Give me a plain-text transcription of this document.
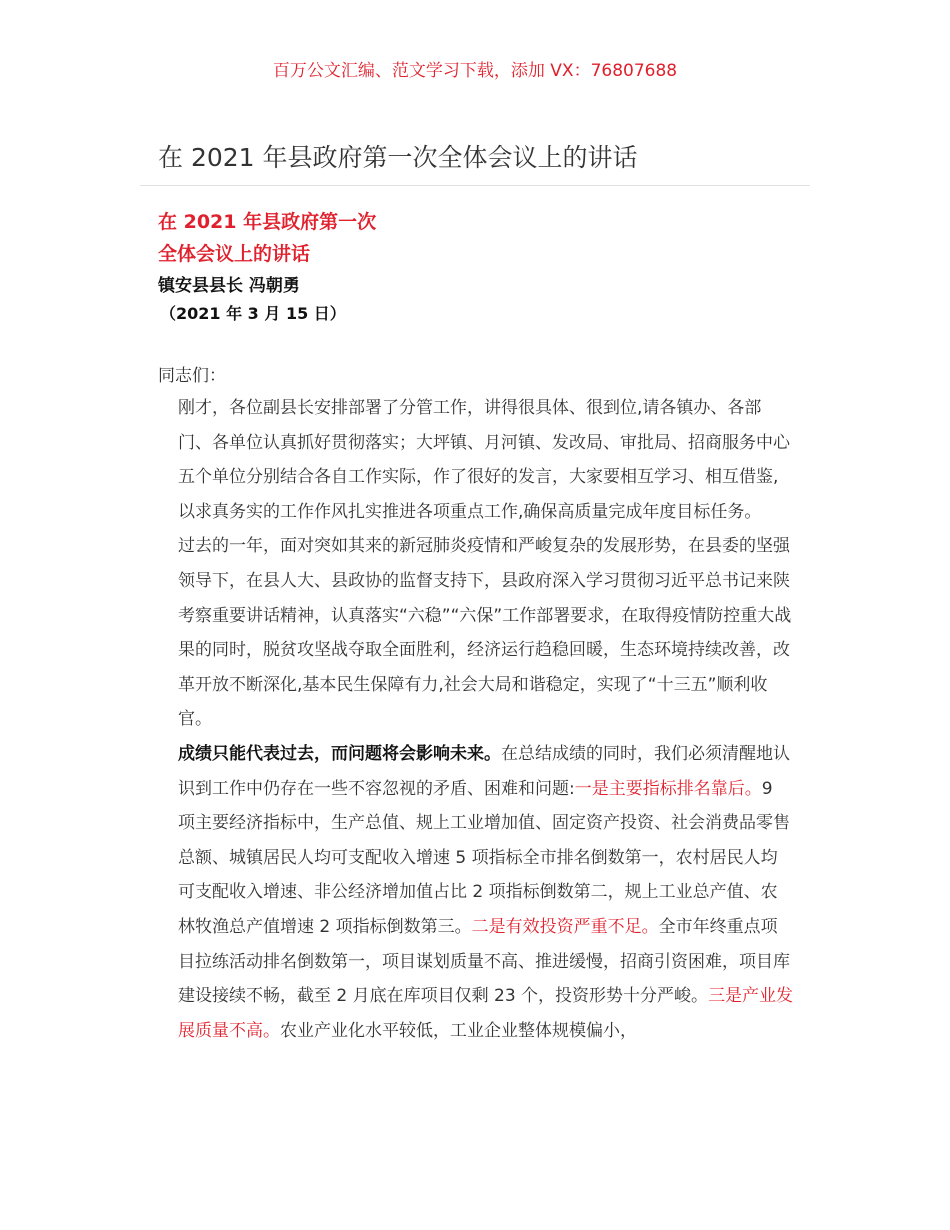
百万公文汇编、范文学习下载，添加 VX：76807688
在 2021 年县政府第一次全体会议上的讲话
在 2021 年县政府第一次
全体会议上的讲话
镇安县县长 冯朝勇
（2021 年 3 月 15 日）
同志们：

刚才，各位副县长安排部署了分管工作，讲得很具体、很到位,请各镇办、各部门、各单位认真抓好贯彻落实；大坪镇、月河镇、发改局、审批局、招商服务中心五个单位分别结合各自工作实际，作了很好的发言，大家要相互学习、相互借鉴,以求真务实的工作作风扎实推进各项重点工作,确保高质量完成年度目标任务。

过去的一年，面对突如其来的新冠肺炎疫情和严峻复杂的发展形势，在县委的坚强领导下，在县人大、县政协的监督支持下，县政府深入学习贯彻习近平总书记来陕考察重要讲话精神，认真落实“六稳”“六保”工作部署要求，在取得疫情防控重大战果的同时，脱贫攻坚战夺取全面胜利，经济运行趋稳回暖，生态环境持续改善，改革开放不断深化,基本民生保障有力,社会大局和谐稳定，实现了“十三五”顺利收官。

成绩只能代表过去，而问题将会影响未来。在总结成绩的同时，我们必须清醒地认识到工作中仍存在一些不容忽视的矛盾、困难和问题:一是主要指标排名靠后。9 项主要经济指标中，生产总值、规上工业增加值、固定资产投资、社会消费品零售总额、城镇居民人均可支配收入增速 5 项指标全市排名倒数第一，农村居民人均可支配收入增速、非公经济增加值占比 2 项指标倒数第二，规上工业总产值、农林牧渔总产值增速 2 项指标倒数第三。二是有效投资严重不足。全市年终重点项目拉练活动排名倒数第一，项目谋划质量不高、推进缓慢，招商引资困难，项目库建设接续不畅，截至 2 月底在库项目仅剩 23 个，投资形势十分严峻。三是产业发展质量不高。农业产业化水平较低，工业企业整体规模偏小，
